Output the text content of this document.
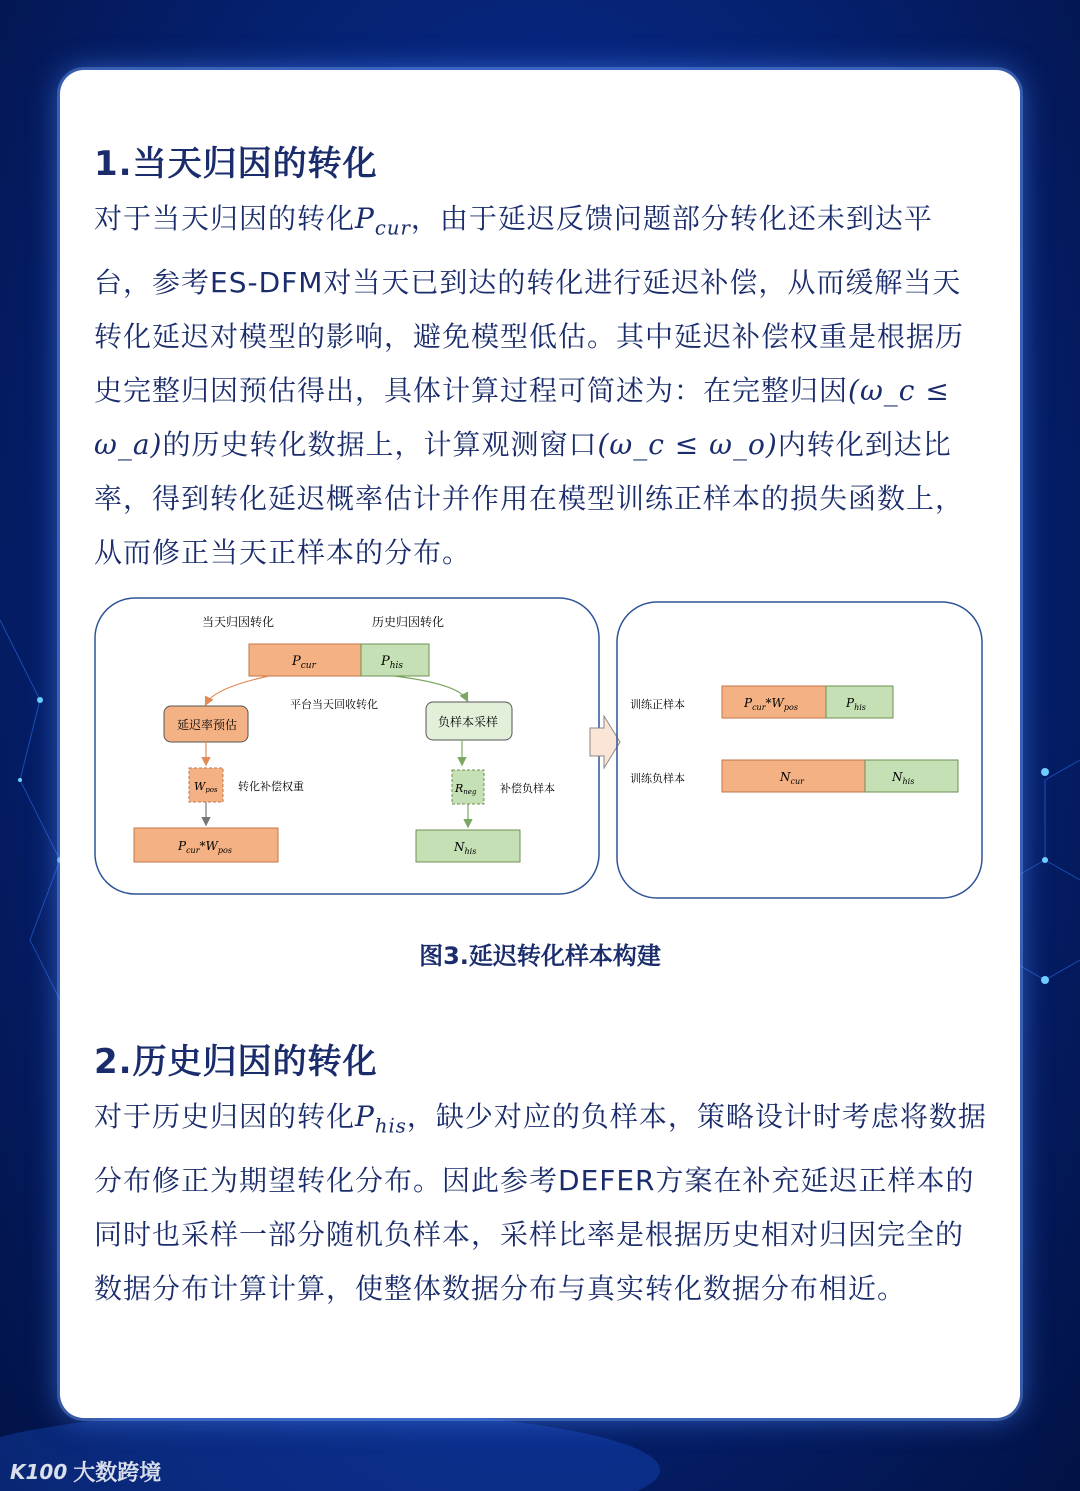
1.当天归因的转化

对于当天归因的转化$P_{cur}$，由于延迟反馈问题部分转化还未到达平台，参考ES-DFM对当天已到达的转化进行延迟补偿，从而缓解当天转化延迟对模型的影响，避免模型低估。其中延迟补偿权重是根据历史完整归因预估得出，具体计算过程可简述为：在完整归因(ω_c ≤ ω_a)的历史转化数据上，计算观测窗口(ω_c ≤ ω_o)内转化到达比率，得到转化延迟概率估计并作用在模型训练正样本的损失函数上，从而修正当天正样本的分布。

当天归因转化	历史归因转化
$P_{cur}$	$P_{his}$
平台当天回收转化
延迟率预估	负样本采样
Wpos 转化补偿权重	Rneg 补偿负样本
$P_{cur}*W_{pos}$	$N_{his}$
训练正样本	$P_{cur}*W_{pos}$	$P_{his}$
训练负样本	$N_{cur}$	$N_{his}$

图3.延迟转化样本构建

2.历史归因的转化

对于历史归因的转化$P_{his}$，缺少对应的负样本，策略设计时考虑将数据分布修正为期望转化分布。因此参考DEFER方案在补充延迟正样本的同时也采样一部分随机负样本，采样比率是根据历史相对归因完全的数据分布计算计算，使整体数据分布与真实转化数据分布相近。

K100 大数跨境
